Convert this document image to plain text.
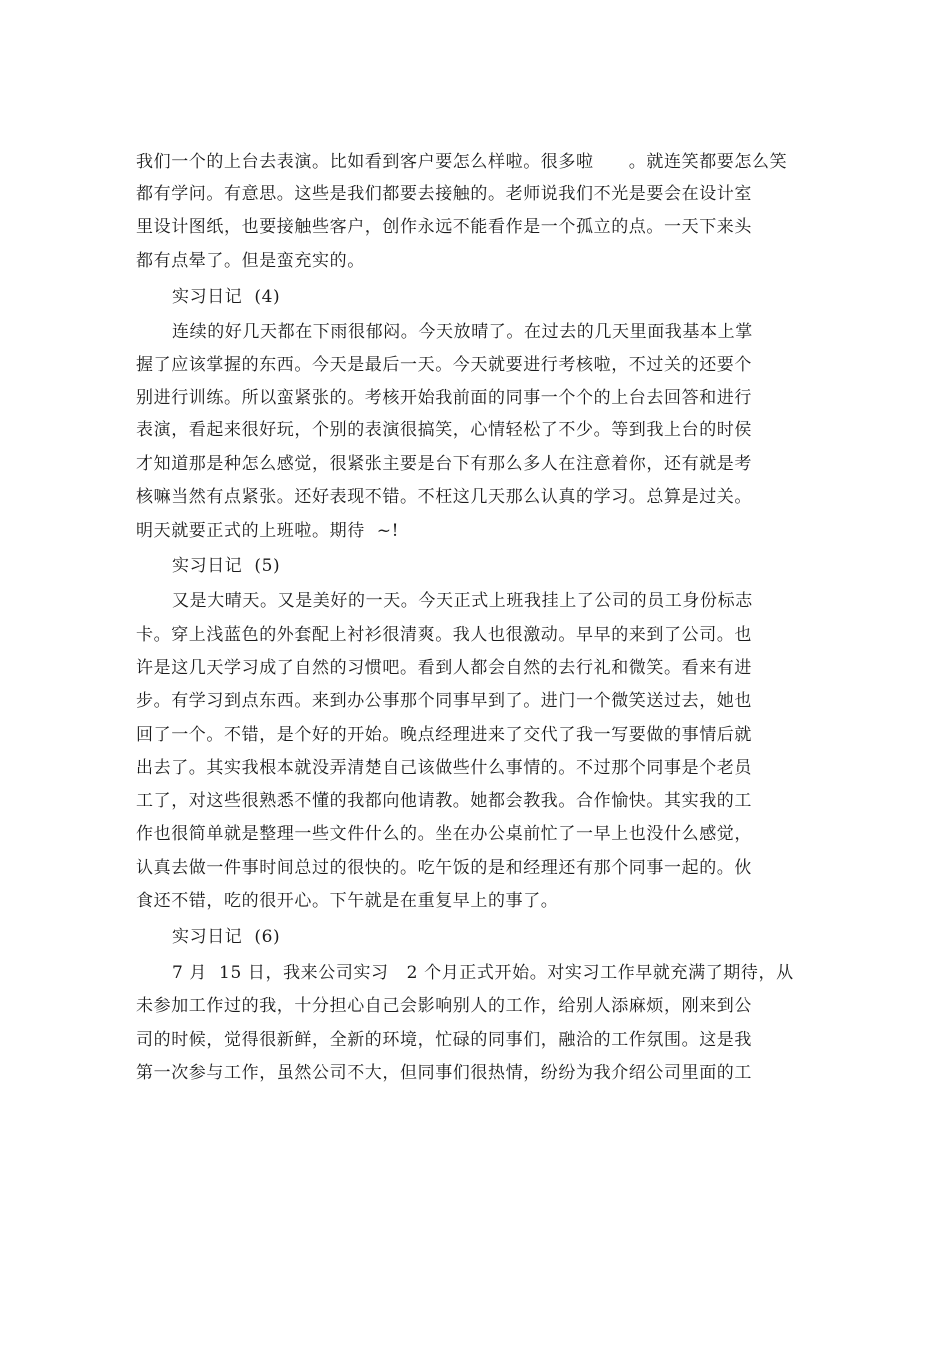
我们一个的上台去表演。比如看到客户要怎么样啦。很多啦　　。就连笑都要怎么笑
都有学问。有意思。这些是我们都要去接触的。老师说我们不光是要会在设计室
里设计图纸，也要接触些客户，创作永远不能看作是一个孤立的点。一天下来头
都有点晕了。但是蛮充实的。
实习日记  (4)
连续的好几天都在下雨很郁闷。今天放晴了。在过去的几天里面我基本上掌
握了应该掌握的东西。今天是最后一天。今天就要进行考核啦，不过关的还要个
别进行训练。所以蛮紧张的。考核开始我前面的同事一个个的上台去回答和进行
表演，看起来很好玩，个别的表演很搞笑，心情轻松了不少。等到我上台的时侯
才知道那是种怎么感觉，很紧张主要是台下有那么多人在注意着你，还有就是考
核嘛当然有点紧张。还好表现不错。不枉这几天那么认真的学习。总算是过关。
明天就要正式的上班啦。期待  ~!
实习日记  (5)
又是大晴天。又是美好的一天。今天正式上班我挂上了公司的员工身份标志
卡。穿上浅蓝色的外套配上衬衫很清爽。我人也很激动。早早的来到了公司。也
许是这几天学习成了自然的习惯吧。看到人都会自然的去行礼和微笑。看来有进
步。有学习到点东西。来到办公事那个同事早到了。进门一个微笑送过去，她也
回了一个。不错，是个好的开始。晚点经理进来了交代了我一写要做的事情后就
出去了。其实我根本就没弄清楚自己该做些什么事情的。不过那个同事是个老员
工了，对这些很熟悉不懂的我都向他请教。她都会教我。合作愉快。其实我的工
作也很简单就是整理一些文件什么的。坐在办公桌前忙了一早上也没什么感觉，
认真去做一件事时间总过的很快的。吃午饭的是和经理还有那个同事一起的。伙
食还不错，吃的很开心。下午就是在重复早上的事了。
实习日记  (6)
7 月  15 日，我来公司实习   2 个月正式开始。对实习工作早就充满了期待，从
未参加工作过的我，十分担心自己会影响别人的工作，给别人添麻烦，刚来到公
司的时候，觉得很新鲜，全新的环境，忙碌的同事们，融洽的工作氛围。这是我
第一次参与工作，虽然公司不大，但同事们很热情，纷纷为我介绍公司里面的工
